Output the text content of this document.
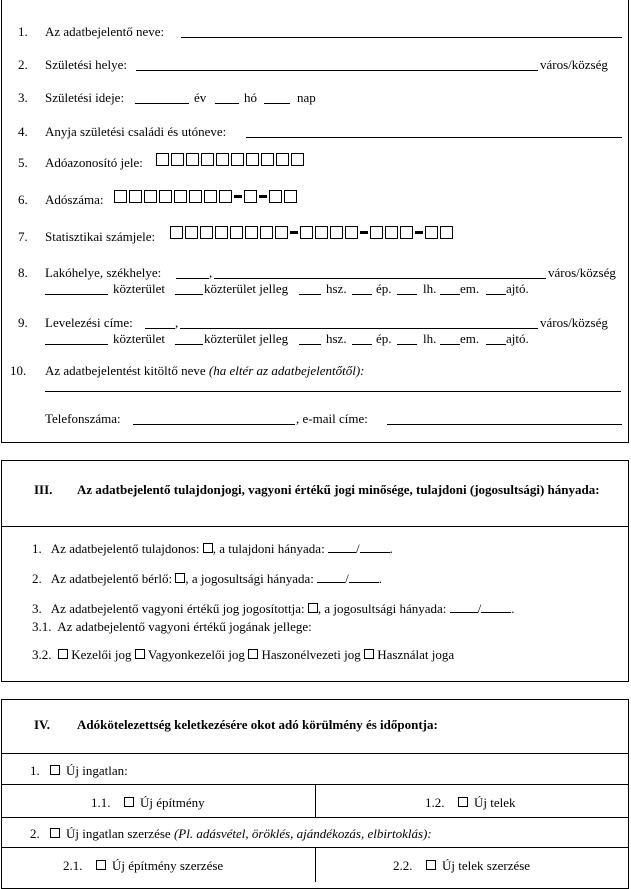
1. Az adatbejelentő neve:
2. Születési helye:	város/község
3. Születési ideje:	év	hó	nap
4. Anyja születési családi és utóneve:
5. Adóazonosító jele:
6. Adószáma:
7. Statisztikai számjele:
8. Lakóhelye, székhelye:	,	város/község
közterület	közterület jelleg	hsz. ép. lh. em. ajtó.
9. Levelezési címe:	,	város/község
közterület	közterület jelleg	hsz. ép. lh. em. ajtó.
10. Az adatbejelentést kitöltő neve (ha eltér az adatbejelentőtől):
Telefonszáma:	, e-mail címe:
III. Az adatbejelentő tulajdonjogi, vagyoni értékű jogi minősége, tulajdoni (jogosultsági) hányada:
1. Az adatbejelentő tulajdonos: , a tulajdoni hányada: / .
2. Az adatbejelentő bérlő: , a jogosultsági hányada: / .
3. Az adatbejelentő vagyoni értékű jog jogosítottja: , a jogosultsági hányada: / .
3.1. Az adatbejelentő vagyoni értékű jogának jellege:
3.2. Kezelői jog Vagyonkezelői jog Haszonélvezeti jog Használat joga
IV. Adókötelezettség keletkezésére okot adó körülmény és időpontja:
1. Új ingatlan:
1.1. Új építmény	1.2. Új telek
2. Új ingatlan szerzése (Pl. adásvétel, öröklés, ajándékozás, elbirtoklás):
2.1. Új építmény szerzése	2.2. Új telek szerzése
